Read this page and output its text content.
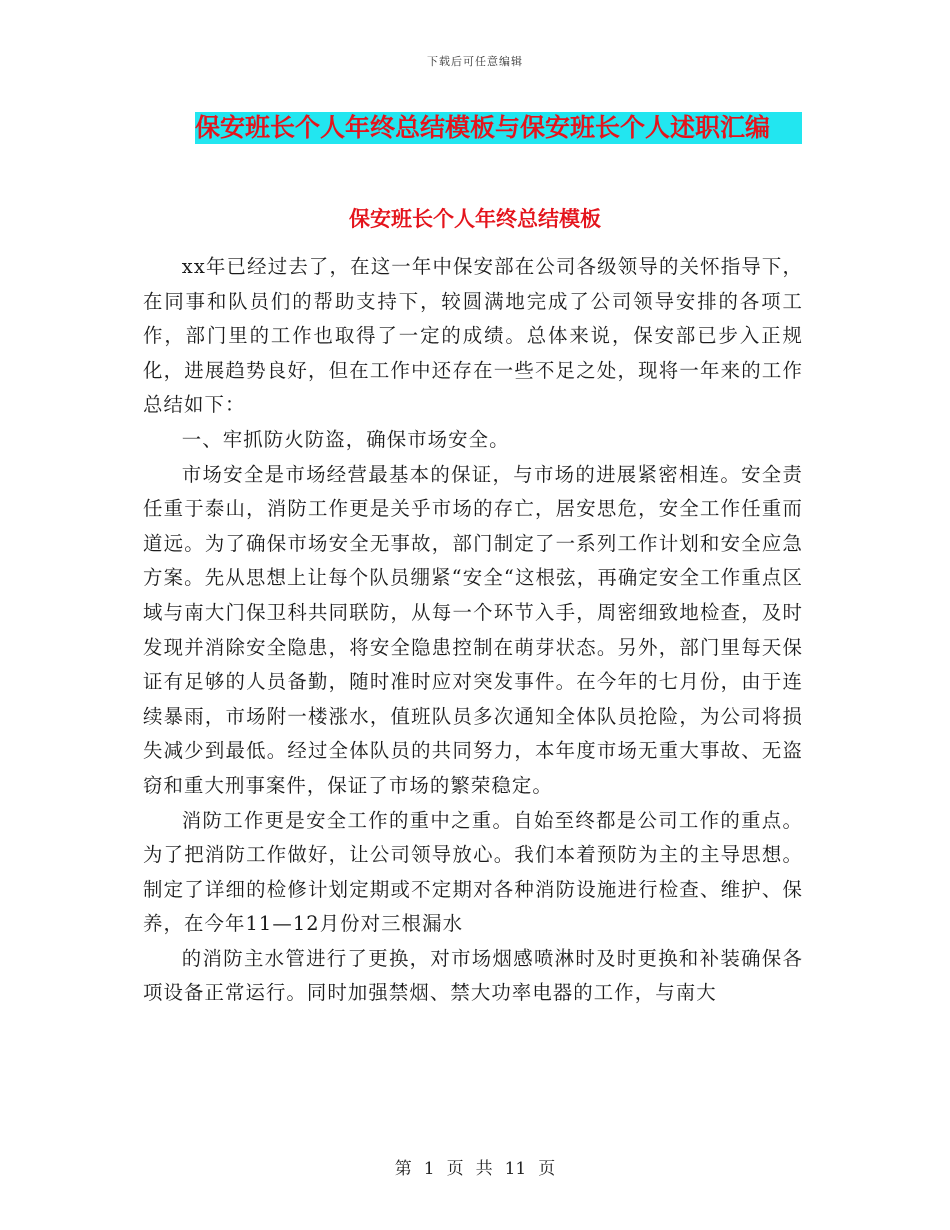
下载后可任意编辑
保安班长个人年终总结模板与保安班长个人述职汇编
保安班长个人年终总结模板

xx年已经过去了，在这一年中保安部在公司各级领导的关怀指导下，在同事和队员们的帮助支持下，较圆满地完成了公司领导安排的各项工作，部门里的工作也取得了一定的成绩。总体来说，保安部已步入正规化，进展趋势良好，但在工作中还存在一些不足之处，现将一年来的工作总结如下：

一、牢抓防火防盗，确保市场安全。

市场安全是市场经营最基本的保证，与市场的进展紧密相连。安全责任重于泰山，消防工作更是关乎市场的存亡，居安思危，安全工作任重而道远。为了确保市场安全无事故，部门制定了一系列工作计划和安全应急方案。先从思想上让每个队员绷紧“安全“这根弦，再确定安全工作重点区域与南大门保卫科共同联防，从每一个环节入手，周密细致地检查，及时发现并消除安全隐患，将安全隐患控制在萌芽状态。另外，部门里每天保证有足够的人员备勤，随时准时应对突发事件。在今年的七月份，由于连续暴雨，市场附一楼涨水，值班队员多次通知全体队员抢险，为公司将损失减少到最低。经过全体队员的共同努力，本年度市场无重大事故、无盗窃和重大刑事案件，保证了市场的繁荣稳定。

消防工作更是安全工作的重中之重。自始至终都是公司工作的重点。为了把消防工作做好，让公司领导放心。我们本着预防为主的主导思想。制定了详细的检修计划定期或不定期对各种消防设施进行检查、维护、保养，在今年11—12月份对三根漏水

的消防主水管进行了更换，对市场烟感喷淋时及时更换和补装确保各项设备正常运行。同时加强禁烟、禁大功率电器的工作，与南大

第 1 页 共 11 页
